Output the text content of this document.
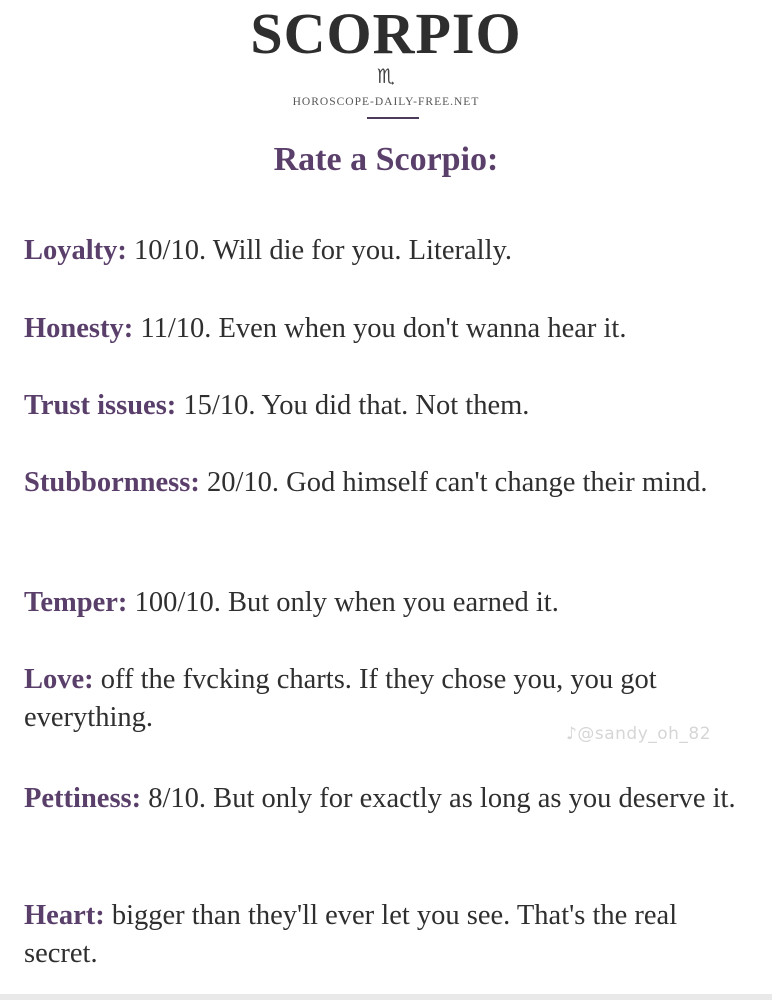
SCORPIO
♏
HOROSCOPE-DAILY-FREE.NET
Rate a Scorpio:
Loyalty: 10/10. Will die for you. Literally.
Honesty: 11/10. Even when you don't wanna hear it.
Trust issues: 15/10. You did that. Not them.
Stubbornness: 20/10. God himself can't change their mind.
Temper: 100/10. But only when you earned it.
Love: off the fvcking charts. If they chose you, you got everything.
Pettiness: 8/10. But only for exactly as long as you deserve it.
Heart: bigger than they'll ever let you see. That's the real secret.
♪@sandy_oh_82
